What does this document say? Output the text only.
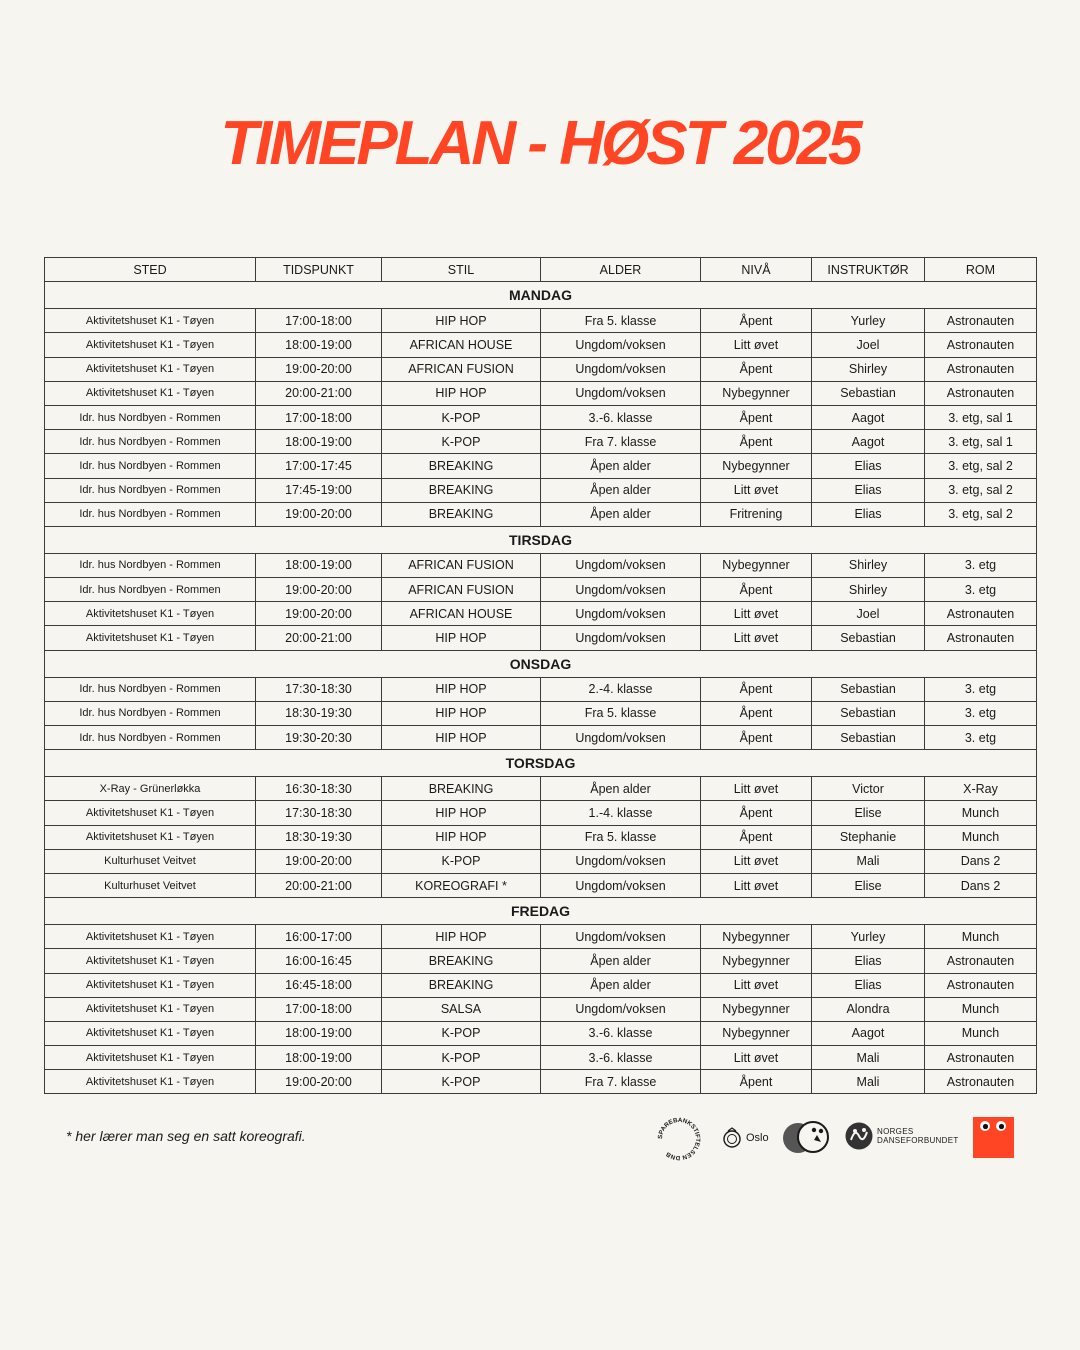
TIMEPLAN - HØST 2025
STED	TIDSPUNKT	STIL	ALDER	NIVÅ	INSTRUKTØR	ROM
MANDAG						
Aktivitetshuset K1 - Tøyen	17:00-18:00	HIP HOP	Fra 5. klasse	Åpent	Yurley	Astronauten
Aktivitetshuset K1 - Tøyen	18:00-19:00	AFRICAN HOUSE	Ungdom/voksen	Litt øvet	Joel	Astronauten
Aktivitetshuset K1 - Tøyen	19:00-20:00	AFRICAN FUSION	Ungdom/voksen	Åpent	Shirley	Astronauten
Aktivitetshuset K1 - Tøyen	20:00-21:00	HIP HOP	Ungdom/voksen	Nybegynner	Sebastian	Astronauten
Idr. hus Nordbyen - Rommen	17:00-18:00	K-POP	3.-6. klasse	Åpent	Aagot	3. etg, sal 1
Idr. hus Nordbyen - Rommen	18:00-19:00	K-POP	Fra 7. klasse	Åpent	Aagot	3. etg, sal 1
Idr. hus Nordbyen - Rommen	17:00-17:45	BREAKING	Åpen alder	Nybegynner	Elias	3. etg, sal 2
Idr. hus Nordbyen - Rommen	17:45-19:00	BREAKING	Åpen alder	Litt øvet	Elias	3. etg, sal 2
Idr. hus Nordbyen - Rommen	19:00-20:00	BREAKING	Åpen alder	Fritrening	Elias	3. etg, sal 2
TIRSDAG						
Idr. hus Nordbyen - Rommen	18:00-19:00	AFRICAN FUSION	Ungdom/voksen	Nybegynner	Shirley	3. etg
Idr. hus Nordbyen - Rommen	19:00-20:00	AFRICAN FUSION	Ungdom/voksen	Åpent	Shirley	3. etg
Aktivitetshuset K1 - Tøyen	19:00-20:00	AFRICAN HOUSE	Ungdom/voksen	Litt øvet	Joel	Astronauten
Aktivitetshuset K1 - Tøyen	20:00-21:00	HIP HOP	Ungdom/voksen	Litt øvet	Sebastian	Astronauten
ONSDAG						
Idr. hus Nordbyen - Rommen	17:30-18:30	HIP HOP	2.-4. klasse	Åpent	Sebastian	3. etg
Idr. hus Nordbyen - Rommen	18:30-19:30	HIP HOP	Fra 5. klasse	Åpent	Sebastian	3. etg
Idr. hus Nordbyen - Rommen	19:30-20:30	HIP HOP	Ungdom/voksen	Åpent	Sebastian	3. etg
TORSDAG						
X-Ray - Grünerløkka	16:30-18:30	BREAKING	Åpen alder	Litt øvet	Victor	X-Ray
Aktivitetshuset K1 - Tøyen	17:30-18:30	HIP HOP	1.-4. klasse	Åpent	Elise	Munch
Aktivitetshuset K1 - Tøyen	18:30-19:30	HIP HOP	Fra 5. klasse	Åpent	Stephanie	Munch
Kulturhuset Veitvet	19:00-20:00	K-POP	Ungdom/voksen	Litt øvet	Mali	Dans 2
Kulturhuset Veitvet	20:00-21:00	KOREOGRAFI *	Ungdom/voksen	Litt øvet	Elise	Dans 2
FREDAG						
Aktivitetshuset K1 - Tøyen	16:00-17:00	HIP HOP	Ungdom/voksen	Nybegynner	Yurley	Munch
Aktivitetshuset K1 - Tøyen	16:00-16:45	BREAKING	Åpen alder	Nybegynner	Elias	Astronauten
Aktivitetshuset K1 - Tøyen	16:45-18:00	BREAKING	Åpen alder	Litt øvet	Elias	Astronauten
Aktivitetshuset K1 - Tøyen	17:00-18:00	SALSA	Ungdom/voksen	Nybegynner	Alondra	Munch
Aktivitetshuset K1 - Tøyen	18:00-19:00	K-POP	3.-6. klasse	Nybegynner	Aagot	Munch
Aktivitetshuset K1 - Tøyen	18:00-19:00	K-POP	3.-6. klasse	Litt øvet	Mali	Astronauten
Aktivitetshuset K1 - Tøyen	19:00-20:00	K-POP	Fra 7. klasse	Åpent	Mali	Astronauten
* her lærer man seg en satt koreografi.	SPAREBANKSTIFTELSEN DNB
Oslo
NORGES
DANSEFORBUNDET
